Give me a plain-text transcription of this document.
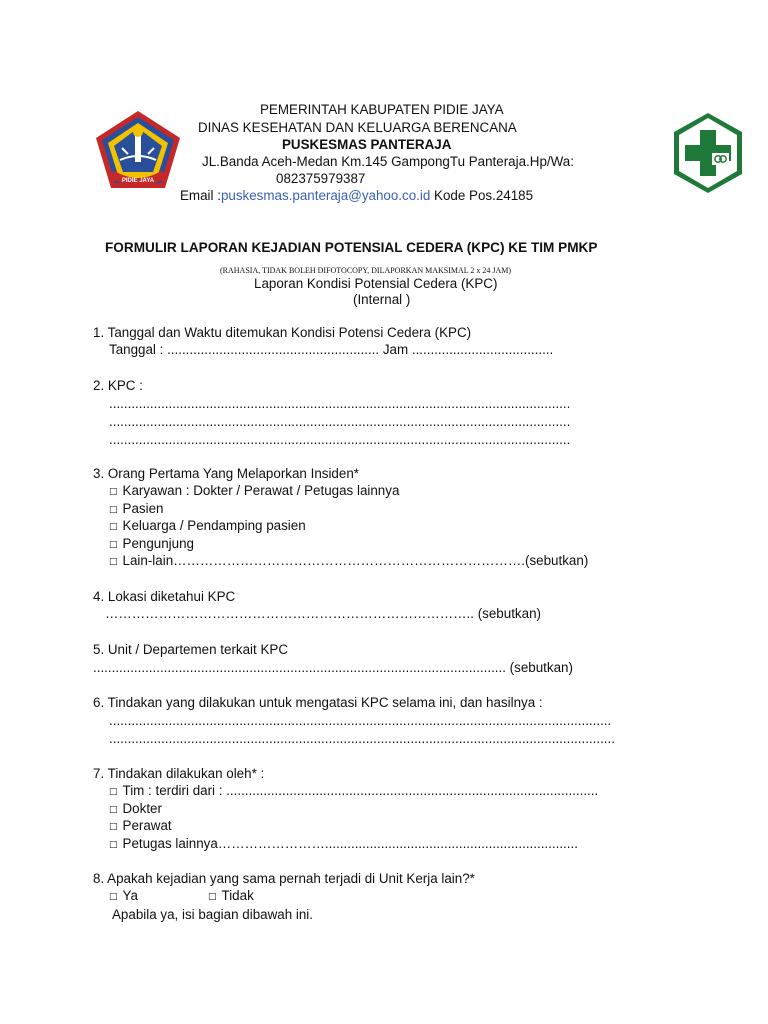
PIDIE JAYA
PEMERINTAH KABUPATEN PIDIE JAYA
DINAS KESEHATAN DAN KELUARGA BERENCANA
PUSKESMAS PANTERAJA
JL.Banda Aceh-Medan Km.145 GampongTu Panteraja.Hp/Wa:
082375979387
Email :puskesmas.panteraja@yahoo.co.id Kode Pos.24185
FORMULIR LAPORAN KEJADIAN POTENSIAL CEDERA (KPC) KE TIM PMKP
(RAHASIA, TIDAK BOLEH DIFOTOCOPY, DILAPORKAN MAKSIMAL 2 x 24 JAM)
Laporan Kondisi Potensial Cedera (KPC)
(Internal )
1. Tanggal dan Waktu ditemukan Kondisi Potensi Cedera (KPC)
Tanggal : ......................................................... Jam ......................................
2. KPC :
............................................................................................................................
............................................................................................................................
............................................................................................................................
3. Orang Pertama Yang Melaporkan Insiden*
□ Karyawan : Dokter / Perawat / Petugas lainnya
□ Pasien
□ Keluarga / Pendamping pasien
□ Pengunjung
□ Lain-lain…………………………………………………………………….(sebutkan)
4. Lokasi diketahui KPC
……………………………………………………………………….. (sebutkan)
5. Unit / Departemen terkait KPC
............................................................................................................... (sebutkan)
6. Tindakan yang dilakukan untuk mengatasi KPC selama ini, dan hasilnya :
.......................................................................................................................................
........................................................................................................................................
7. Tindakan dilakukan oleh* :
□ Tim : terdiri dari : ....................................................................................................
□ Dokter
□ Perawat
□ Petugas lainnya……………………....................................................................
8. Apakah kejadian yang sama pernah terjadi di Unit Kerja lain?*
□ Ya	□ Tidak
Apabila ya, isi bagian dibawah ini.
